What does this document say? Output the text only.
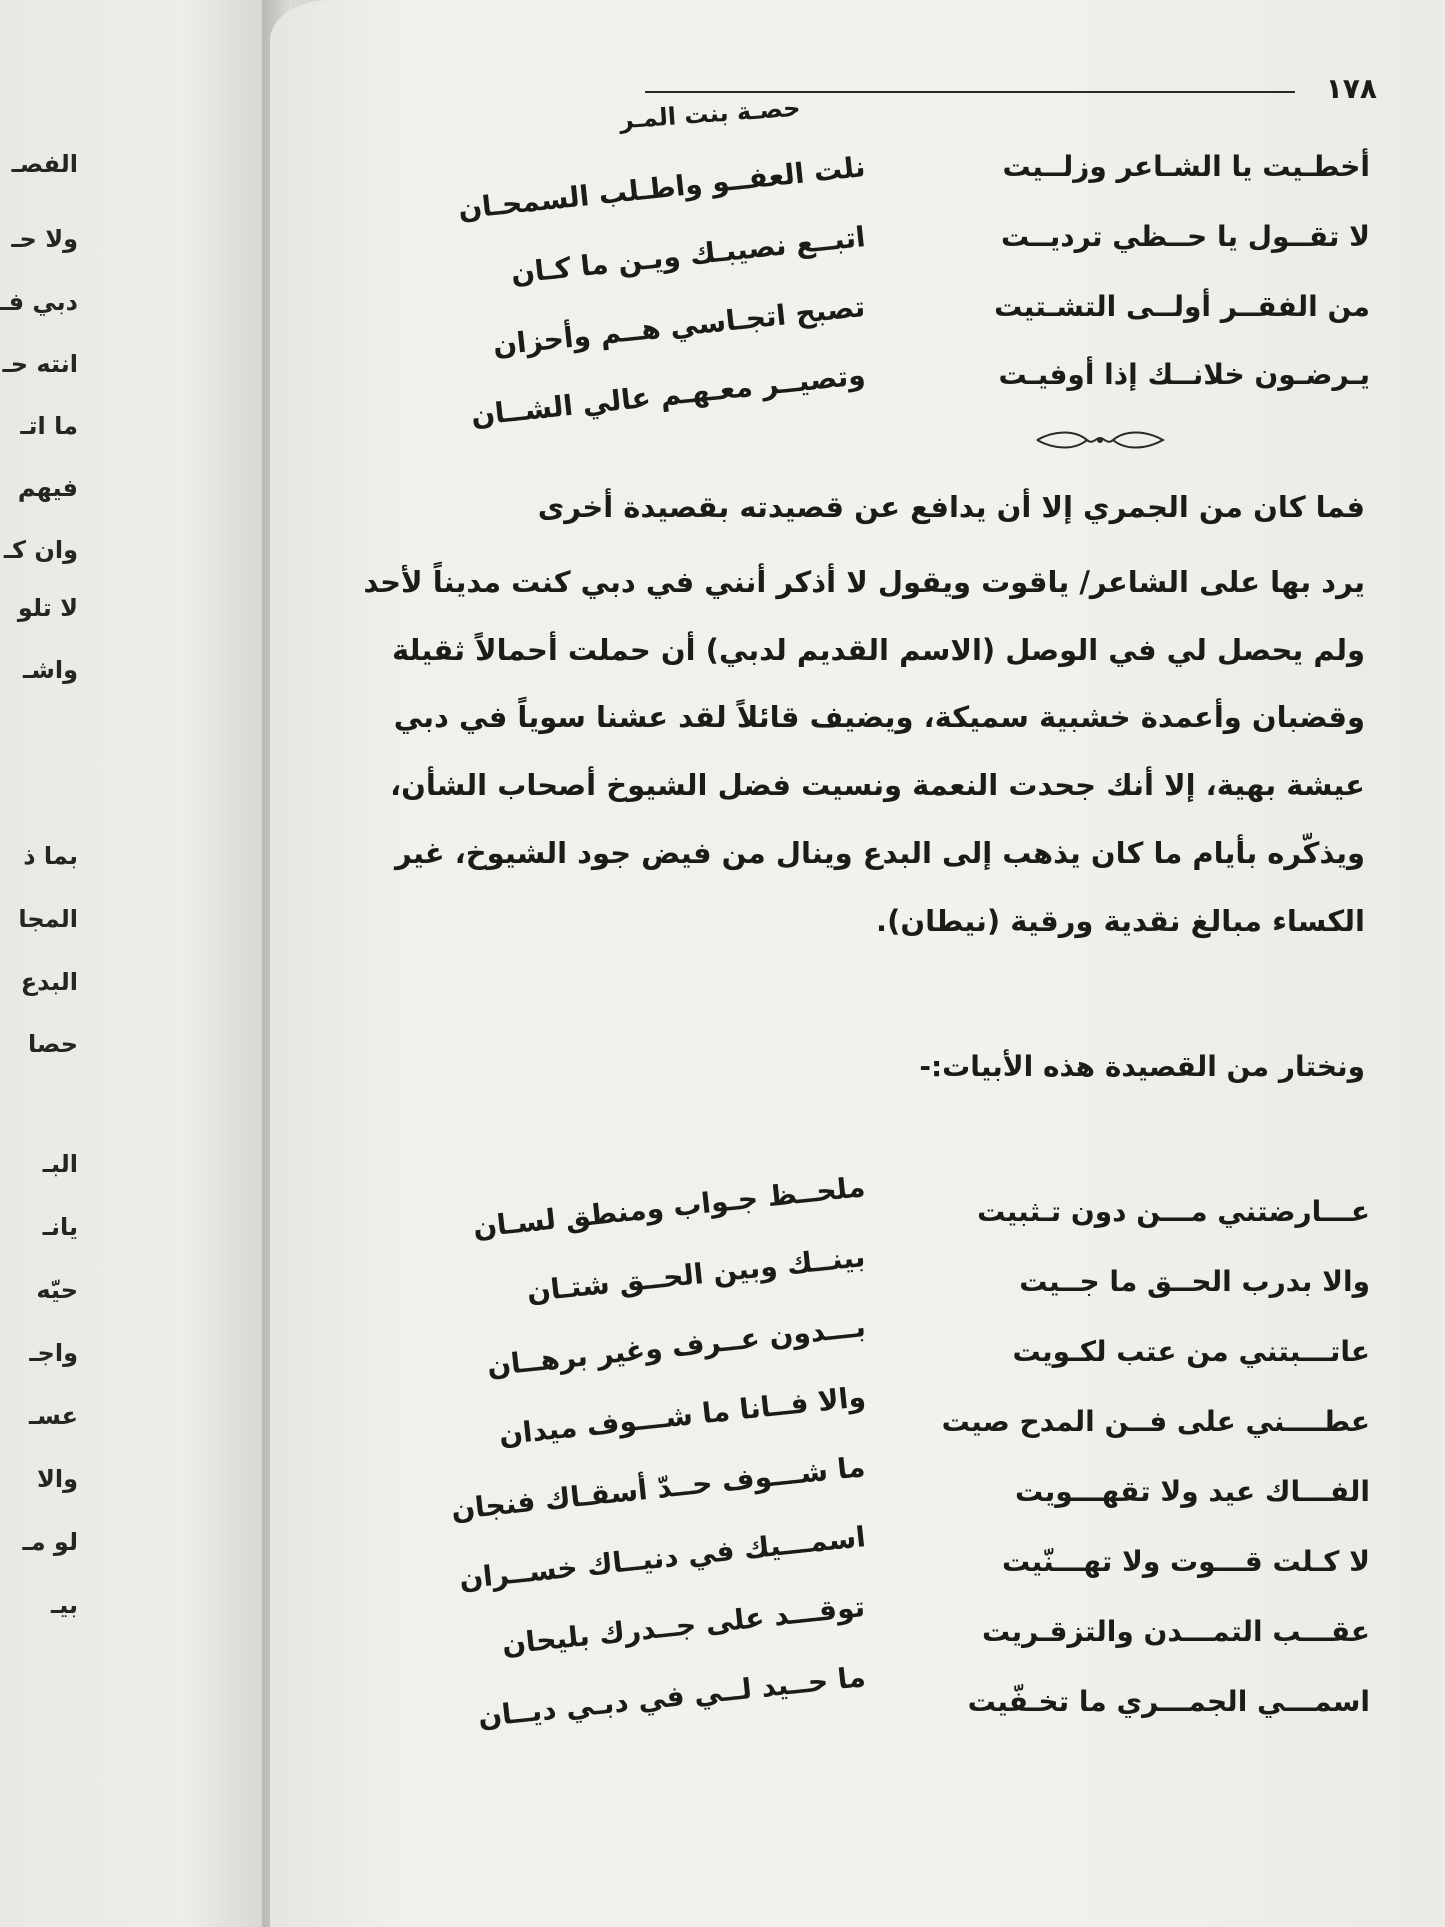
الفصـ
ولا حـ
دبي فـ
انته حـ
ما اتـ
فيهم
وان كـ
لا تلو
واشـ
بما ذ
المجا
البدع
حصا
البـ
يانـ
حيّه
واجـ
عسـ
والا
لو مـ
بيـ
١٧٨
حصـة بنت المـر
أخطـيت يا الشـاعر وزلــيت
نلت العفــو واطـلب السمحـان
لا تقــول يا حــظي ترديــت
اتبــع نصيبـك ويـن ما كـان
من الفقــر أولــى التشـتيت
تصبح اتجـاسي هــم وأحزان
يـرضـون خلانــك إذا أوفيـت
وتصيــر معـهـم عالي الشــان
فما كان من الجمري إلا أن يدافع عن قصيدته بقصيدة أخرى
يرد بها على الشاعر/ ياقوت ويقول لا أذكر أنني في دبي كنت مديناً لأحد
ولم يحصل لي في الوصل (الاسم القديم لدبي) أن حملت أحمالاً ثقيلة
وقضبان وأعمدة خشبية سميكة، ويضيف قائلاً لقد عشنا سوياً في دبي
عيشة بهية، إلا أنك جحدت النعمة ونسيت فضل الشيوخ أصحاب الشأن،
ويذكّره بأيام ما كان يذهب إلى البدع وينال من فيض جود الشيوخ، غير
الكساء مبالغ نقدية ورقية (نيطان).
ونختار من القصيدة هذه الأبيات:-
عـــارضتني مـــن دون تـثبيت
ملحــظ جـواب ومنطق لسـان
والا بدرب الحــق ما جــيت
بينــك وبين الحــق شتـان
عاتـــبتني من عتب لكـويت
بـــدون عــرف وغير برهــان
عطــــني على فــن المدح صيت
والا فــانا ما شـــوف ميدان
الفـــاك عيد ولا تقهـــويت
ما شـــوف حــدّ أسقـاك فنجان
لا كـلت قـــوت ولا تهـــنّيت
اسمـــيك في دنيــاك خســران
عقـــب التمـــدن والتزقـريت
توقـــد على جــدرك بليحان
اسمـــي الجمـــري ما تخـفّيت
ما حــيد لــي في دبـي ديــان
